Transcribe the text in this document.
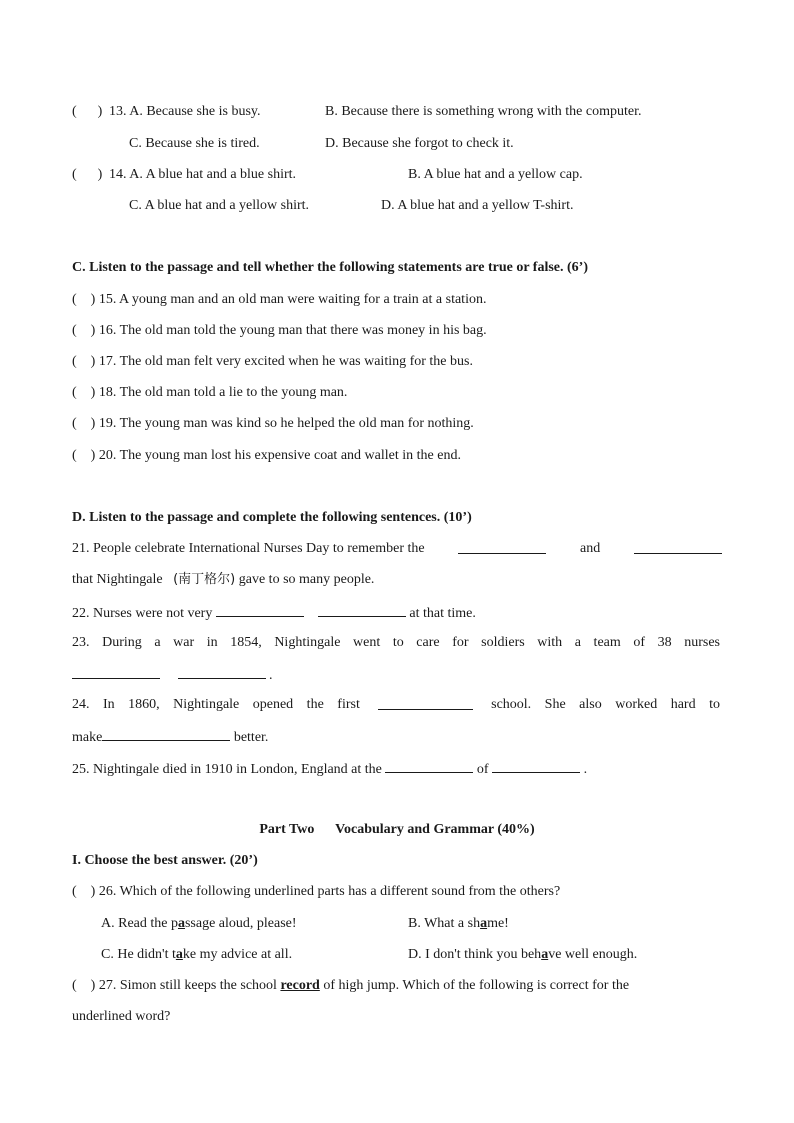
(      ) 13. A. Because she is busy.	B. Because there is something wrong with the computer.
C. Because she is tired.	D. Because she forgot to check it.
(      ) 14. A. A blue hat and a blue shirt.	B. A blue hat and a yellow cap.
C. A blue hat and a yellow shirt.	D. A blue hat and a yellow T-shirt.
C. Listen to the passage and tell whether the following statements are true or false. (6’)
(    ) 15. A young man and an old man were waiting for a train at a station.
(    ) 16. The old man told the young man that there was money in his bag.
(    ) 17. The old man felt very excited when he was waiting for the bus.
(    ) 18. The old man told a lie to the young man.
(    ) 19. The young man was kind so he helped the old man for nothing.
(    ) 20. The young man lost his expensive coat and wallet in the end.
D. Listen to the passage and complete the following sentences. (10’)
21. People celebrate International Nurses Day to remember the	and
that Nightingale (南丁格尔) gave to so many people.
22. Nurses were not very	at that time.
23. During a war in 1854, Nightingale went to care for soldiers with a team of 38 nurses
.
24. In 1860, Nightingale opened the first	school. She also worked hard to
make	better.
25. Nightingale died in 1910 in London, England at the	of	.
Part Two      Vocabulary and Grammar (40%)
I. Choose the best answer. (20’)
(    ) 26. Which of the following underlined parts has a different sound from the others?
A. Read the passage aloud, please!	B. What a shame!
C. He didn't take my advice at all.	D. I don't think you behave well enough.
(    ) 27. Simon still keeps the school record of high jump. Which of the following is correct for the
underlined word?
